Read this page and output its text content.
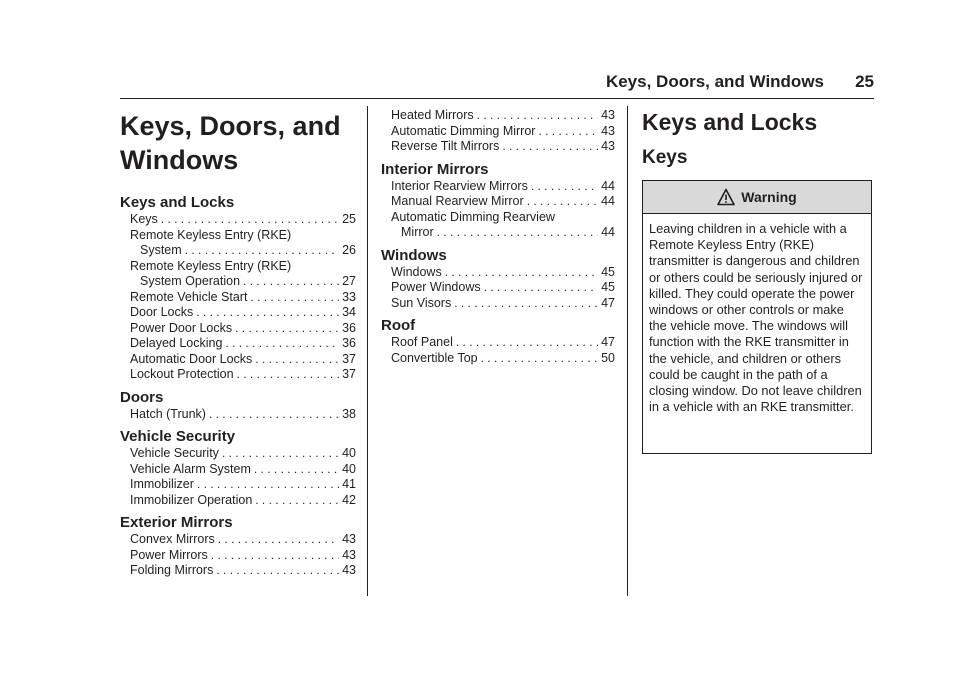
Keys, Doors, and Windows 25
Keys, Doors, and
Windows
Keys and Locks
Keys . . .	25
Remote Keyless Entry (RKE)
System . . .	26
Remote Keyless Entry (RKE)
System Operation . . .	27
Remote Vehicle Start . . .	33
Door Locks . . .	34
Power Door Locks . . .	36
Delayed Locking . . .	36
Automatic Door Locks . . .	37
Lockout Protection . . .	37
Doors
Hatch (Trunk) . . .	38
Vehicle Security
Vehicle Security . . .	40
Vehicle Alarm System . . .	40
Immobilizer . . .	41
Immobilizer Operation . . .	42
Exterior Mirrors
Convex Mirrors . . .	43
Power Mirrors . . .	43
Folding Mirrors . . .	43
Heated Mirrors . . .	43
Automatic Dimming Mirror . . .	43
Reverse Tilt Mirrors . . .	43
Interior Mirrors
Interior Rearview Mirrors . . .	44
Manual Rearview Mirror . . .	44
Automatic Dimming Rearview
Mirror . . .	44
Windows
Windows . . .	45
Power Windows . . .	45
Sun Visors . . .	47
Roof
Roof Panel . . .	47
Convertible Top . . .	50
Keys and Locks
Keys
Warning
Leaving children in a vehicle with a Remote Keyless Entry (RKE) transmitter is dangerous and children or others could be seriously injured or killed. They could operate the power windows or other controls or make the vehicle move. The windows will function with the RKE transmitter in the vehicle, and children or others could be caught in the path of a closing window. Do not leave children in a vehicle with an RKE transmitter.
